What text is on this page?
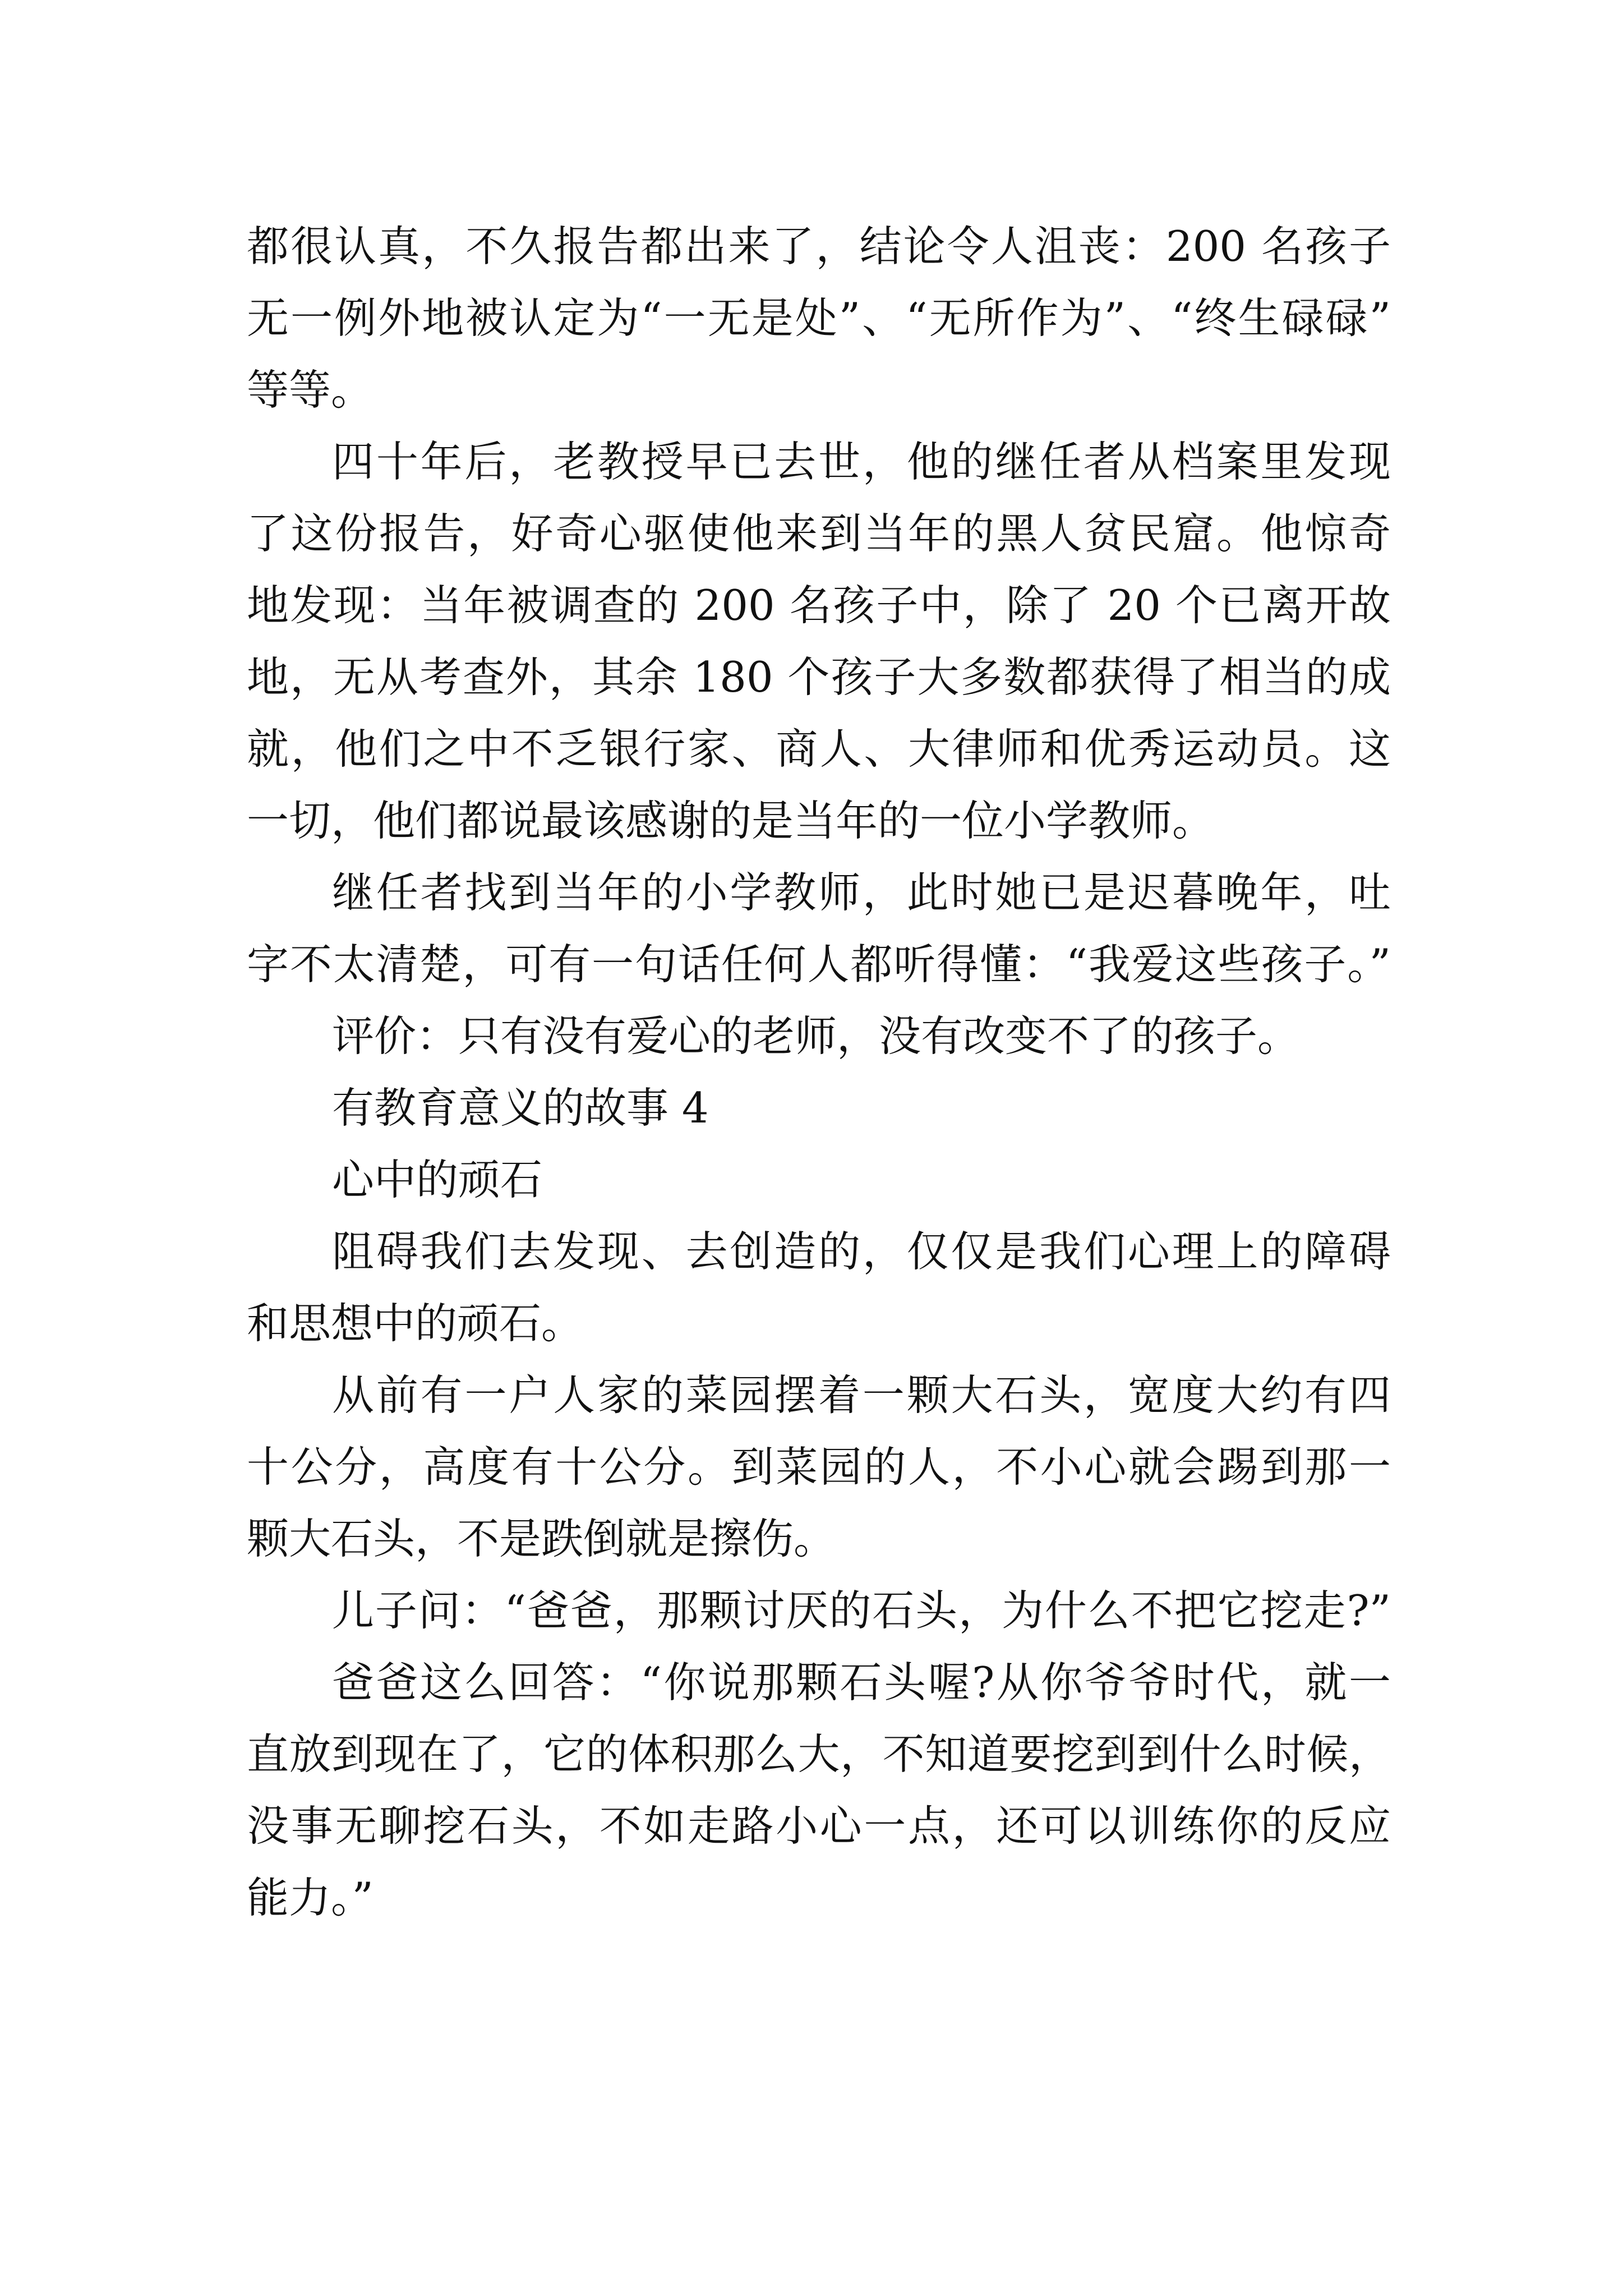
都很认真，不久报告都出来了，结论令人沮丧：200 名孩子
无一例外地被认定为“一无是处”、“无所作为”、“终生碌碌”
等等。
四十年后，老教授早已去世，他的继任者从档案里发现
了这份报告，好奇心驱使他来到当年的黑人贫民窟。他惊奇
地发现：当年被调查的 200 名孩子中，除了 20 个已离开故
地，无从考查外，其余 180 个孩子大多数都获得了相当的成
就，他们之中不乏银行家、商人、大律师和优秀运动员。这
一切，他们都说最该感谢的是当年的一位小学教师。
继任者找到当年的小学教师，此时她已是迟暮晚年，吐
字不太清楚，可有一句话任何人都听得懂：“我爱这些孩子。”
评价：只有没有爱心的老师，没有改变不了的孩子。
有教育意义的故事 4
心中的顽石
阻碍我们去发现、去创造的，仅仅是我们心理上的障碍
和思想中的顽石。
从前有一户人家的菜园摆着一颗大石头，宽度大约有四
十公分，高度有十公分。到菜园的人，不小心就会踢到那一
颗大石头，不是跌倒就是擦伤。
儿子问：“爸爸，那颗讨厌的石头，为什么不把它挖走?”
爸爸这么回答：“你说那颗石头喔?从你爷爷时代，就一
直放到现在了，它的体积那么大，不知道要挖到到什么时候，
没事无聊挖石头，不如走路小心一点，还可以训练你的反应
能力。”
